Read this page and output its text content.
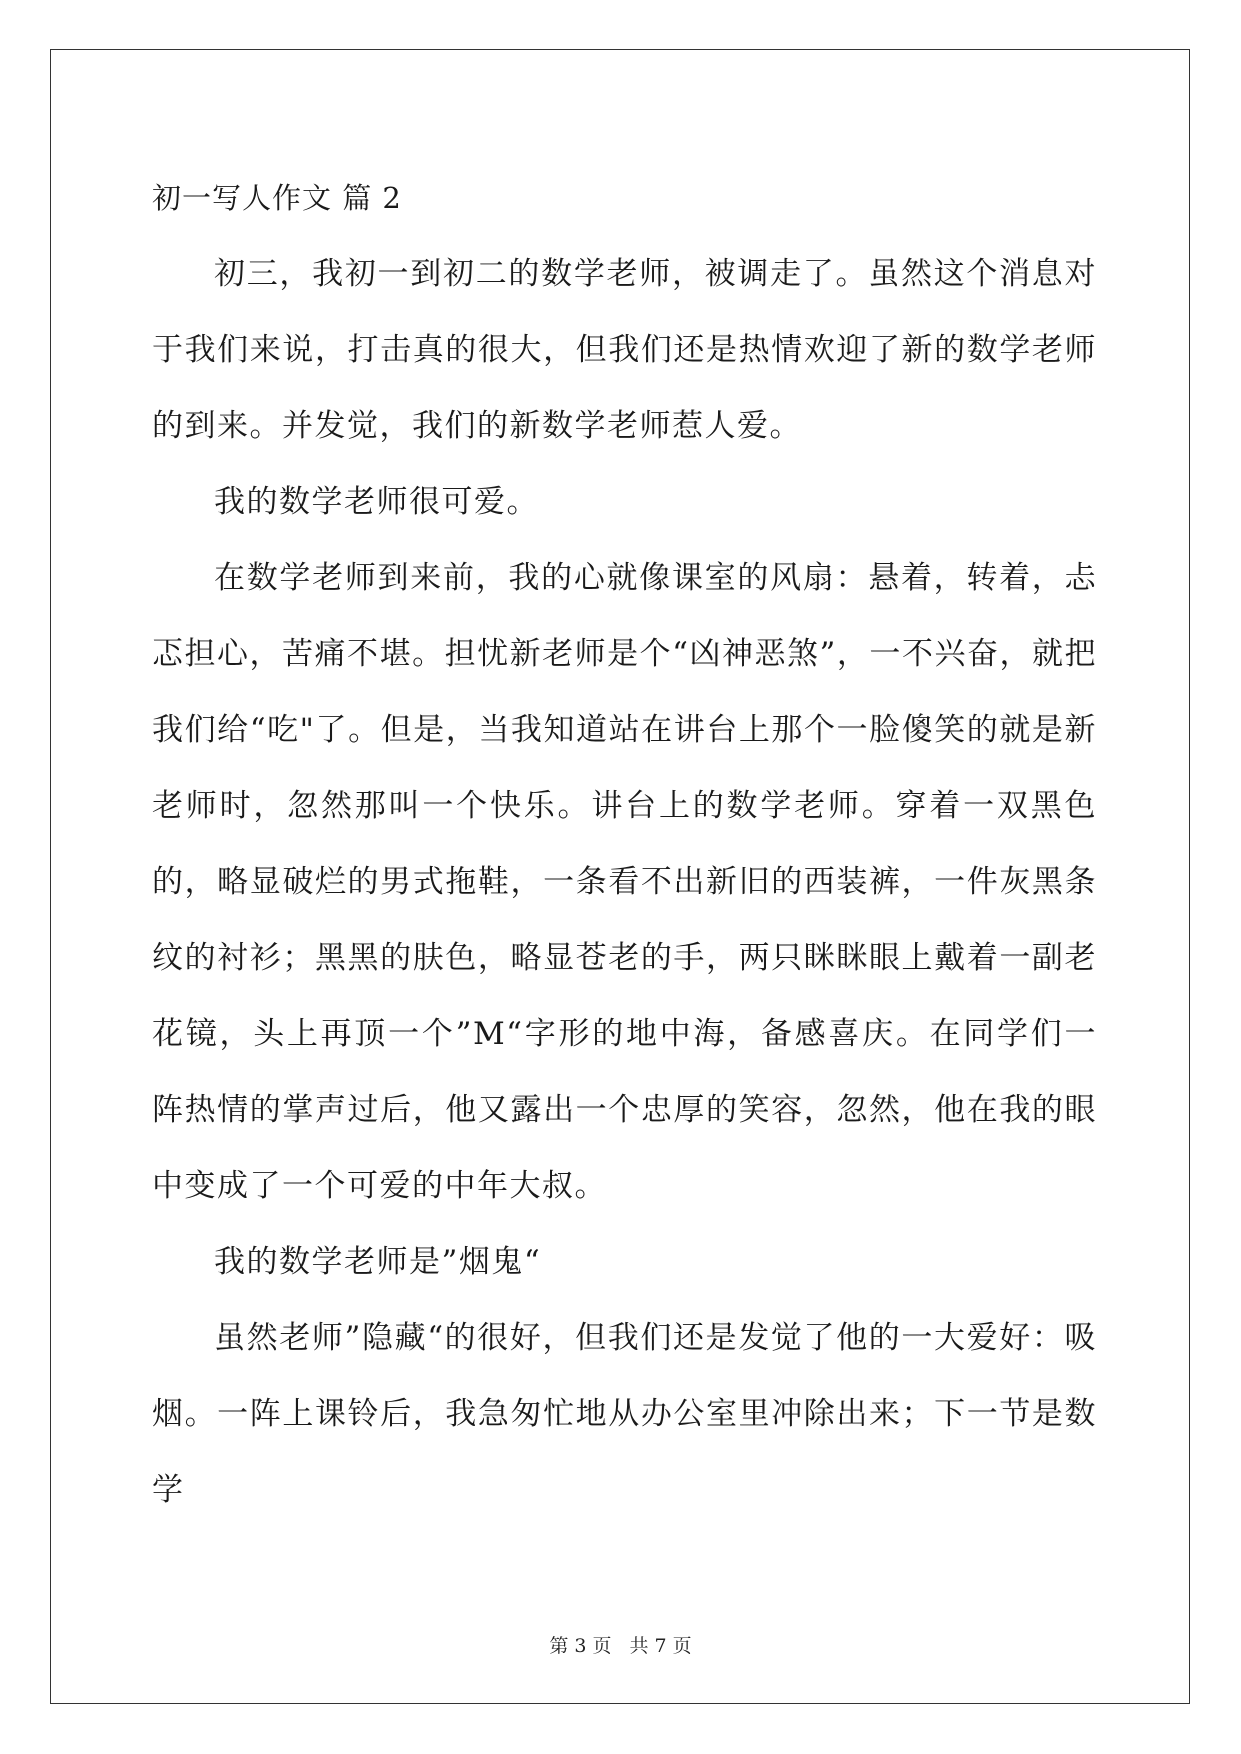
初一写人作文 篇 2

初三，我初一到初二的数学老师，被调走了。虽然这个消息对于我们来说，打击真的很大，但我们还是热情欢迎了新的数学老师的到来。并发觉，我们的新数学老师惹人爱。

我的数学老师很可爱。

在数学老师到来前，我的心就像课室的风扇：悬着，转着，忐忑担心，苦痛不堪。担忧新老师是个“凶神恶煞”，一不兴奋，就把我们给“吃"了。但是，当我知道站在讲台上那个一脸傻笑的就是新老师时，忽然那叫一个快乐。讲台上的数学老师。穿着一双黑色的，略显破烂的男式拖鞋，一条看不出新旧的西装裤，一件灰黑条纹的衬衫；黑黑的肤色，略显苍老的手，两只眯眯眼上戴着一副老花镜，头上再顶一个”M“字形的地中海，备感喜庆。在同学们一阵热情的掌声过后，他又露出一个忠厚的笑容，忽然，他在我的眼中变成了一个可爱的中年大叔。

我的数学老师是”烟鬼“

虽然老师”隐藏“的很好，但我们还是发觉了他的一大爱好：吸烟。一阵上课铃后，我急匆忙地从办公室里冲除出来；下一节是数学

第 3 页 共 7 页
